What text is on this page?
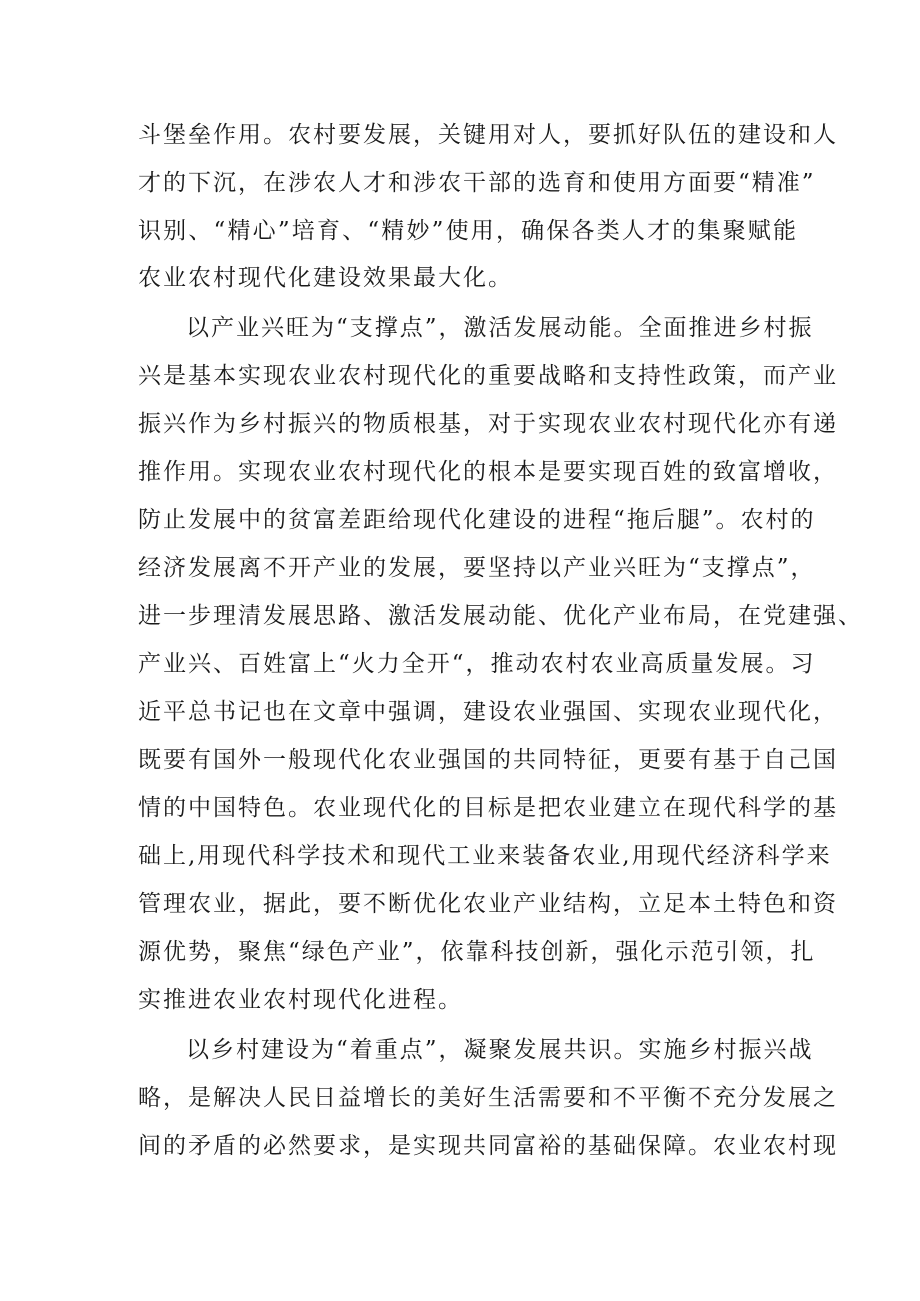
斗堡垒作用。农村要发展，关键用对人，要抓好队伍的建设和人
才的下沉，在涉农人才和涉农干部的选育和使用方面要“精准”
识别、“精心”培育、“精妙”使用，确保各类人才的集聚赋能
农业农村现代化建设效果最大化。
以产业兴旺为“支撑点”，激活发展动能。全面推进乡村振
兴是基本实现农业农村现代化的重要战略和支持性政策，而产业
振兴作为乡村振兴的物质根基，对于实现农业农村现代化亦有递
推作用。实现农业农村现代化的根本是要实现百姓的致富增收，
防止发展中的贫富差距给现代化建设的进程“拖后腿”。农村的
经济发展离不开产业的发展，要坚持以产业兴旺为“支撑点”，
进一步理清发展思路、激活发展动能、优化产业布局，在党建强、
产业兴、百姓富上“火力全开“，推动农村农业高质量发展。习
近平总书记也在文章中强调，建设农业强国、实现农业现代化，
既要有国外一般现代化农业强国的共同特征，更要有基于自己国
情的中国特色。农业现代化的目标是把农业建立在现代科学的基
础上,用现代科学技术和现代工业来装备农业,用现代经济科学来
管理农业，据此，要不断优化农业产业结构，立足本土特色和资
源优势，聚焦“绿色产业”，依靠科技创新，强化示范引领，扎
实推进农业农村现代化进程。
以乡村建设为“着重点”，凝聚发展共识。实施乡村振兴战
略，是解决人民日益增长的美好生活需要和不平衡不充分发展之
间的矛盾的必然要求，是实现共同富裕的基础保障。农业农村现
